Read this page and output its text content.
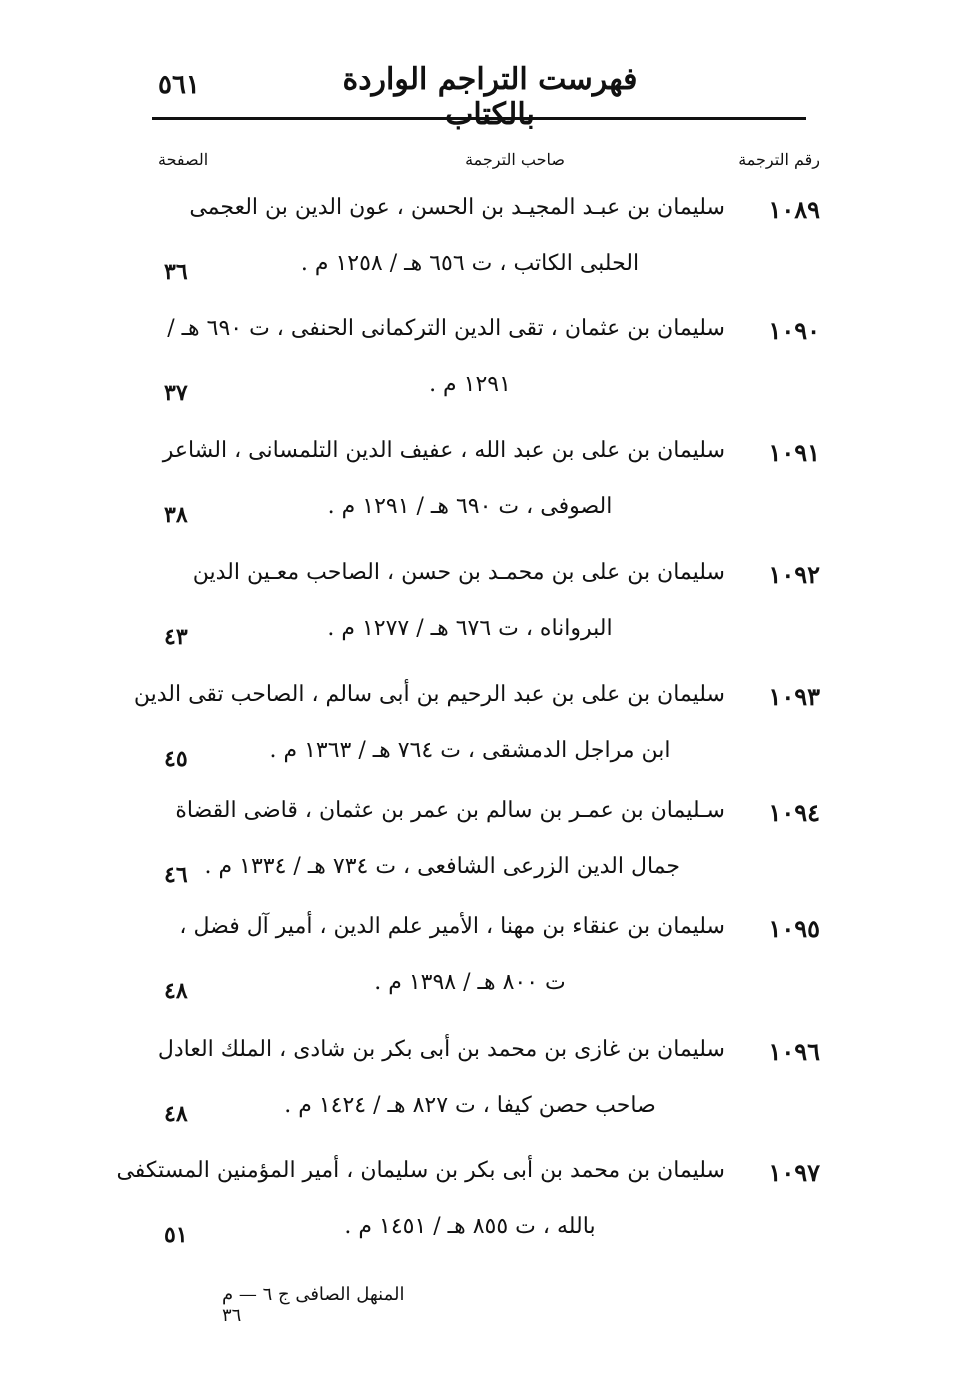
٥٦١	فهرست التراجم الواردة بالكتاب
رقم الترجمة
صاحب الترجمة
الصفحة
١٠٨٩
سليمان بن عبـد المجيـد بن الحسن ، عون الدين بن العجمى
الحلبى الكاتب ، ت ٦٥٦ هـ / ١٢٥٨ م .
٣٦
١٠٩٠
سليمان بن عثمان ، تقى الدين التركمانى الحنفى ، ت ٦٩٠ هـ /
١٢٩١ م .
٣٧
١٠٩١
سليمان بن على بن عبد الله ، عفيف الدين التلمسانى ، الشاعر
الصوفى ، ت ٦٩٠ هـ / ١٢٩١ م .
٣٨
١٠٩٢
سليمان بن على بن محمـد بن حسن ، الصاحب معـين الدين
البرواناه ، ت ٦٧٦ هـ / ١٢٧٧ م .
٤٣
١٠٩٣
سليمان بن على بن عبد الرحيم بن أبى سالم ، الصاحب تقى الدين
ابن مراجل الدمشقى ، ت ٧٦٤ هـ / ١٣٦٣ م .
٤٥
١٠٩٤
سـليمان بن عمـر بن سالم بن عمر بن عثمان ، قاضى القضاة
جمال الدين الزرعى الشافعى ، ت ٧٣٤ هـ / ١٣٣٤ م .
٤٦
١٠٩٥
سليمان بن عنقاء بن مهنا ، الأمير علم الدين ، أمير آل فضل ،
ت ٨٠٠ هـ / ١٣٩٨ م .
٤٨
١٠٩٦
سليمان بن غازى بن محمد بن أبى بكر بن شادى ، الملك العادل
صاحب حصن كيفا ، ت ٨٢٧ هـ / ١٤٢٤ م .
٤٨
١٠٩٧
سليمان بن محمد بن أبى بكر بن سليمان ، أمير المؤمنين المستكفى
بالله ، ت ٨٥٥ هـ / ١٤٥١ م .
٥١
المنهل الصافى ج ٦ — م ٣٦
